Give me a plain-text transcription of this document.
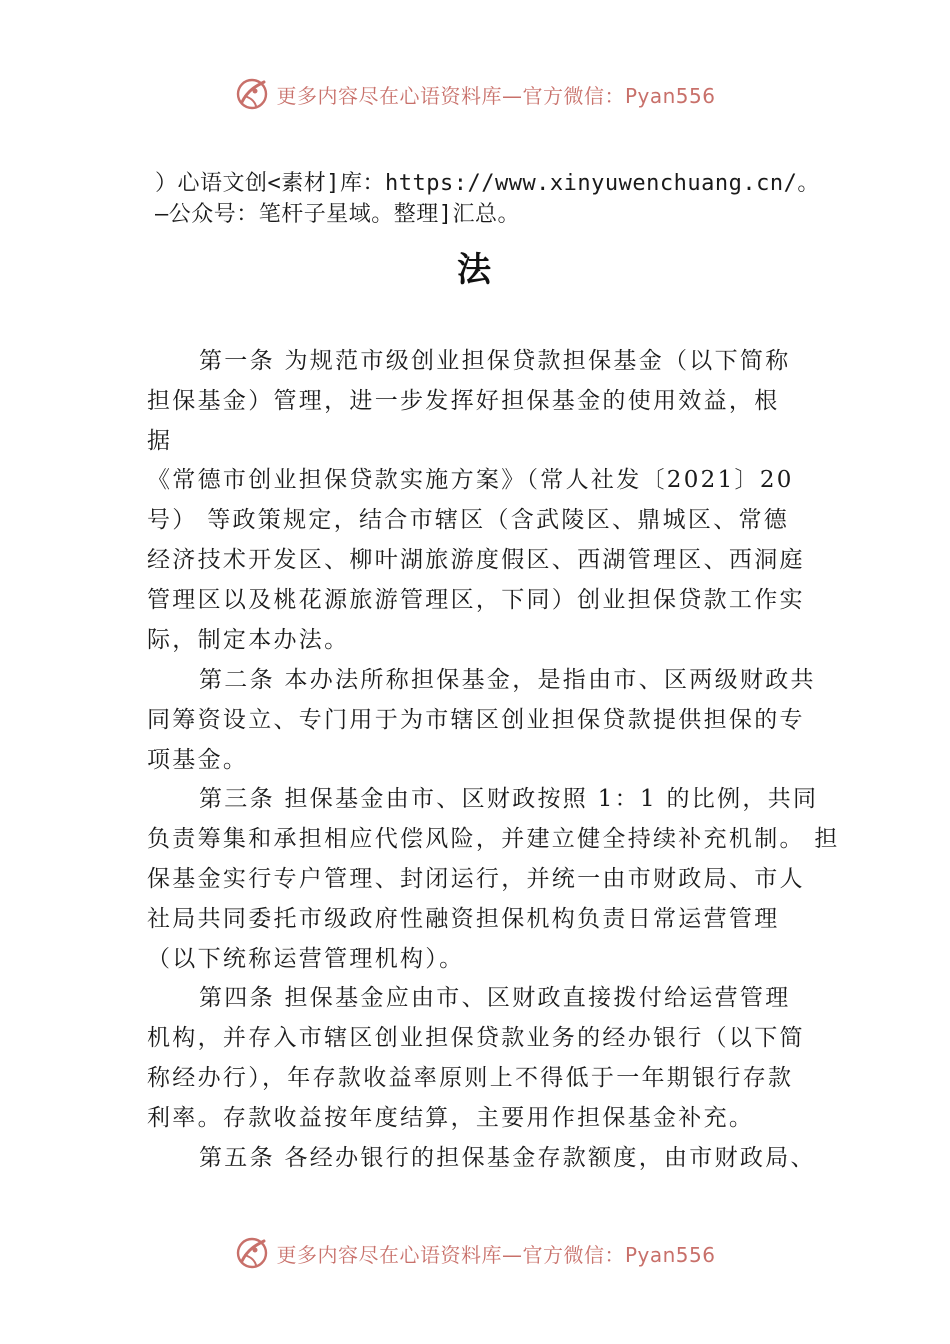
更多内容尽在心语资料库—官方微信：Pyan556
）心语文创<素材]库：https://www.xinyuwenchuang.cn/。
—公众号：笔杆子星域。整理]汇总。
法
第一条 为规范市级创业担保贷款担保基金（以下简称
担保基金）管理，进一步发挥好担保基金的使用效益，根
据
《常德市创业担保贷款实施方案》（常人社发〔2021〕20
号） 等政策规定，结合市辖区（含武陵区、鼎城区、常德
经济技术开发区、柳叶湖旅游度假区、西湖管理区、西洞庭
管理区以及桃花源旅游管理区，下同）创业担保贷款工作实
际，制定本办法。
第二条 本办法所称担保基金，是指由市、区两级财政共
同筹资设立、专门用于为市辖区创业担保贷款提供担保的专
项基金。
第三条 担保基金由市、区财政按照 1：1 的比例，共同
负责筹集和承担相应代偿风险，并建立健全持续补充机制。 担
保基金实行专户管理、封闭运行，并统一由市财政局、市人
社局共同委托市级政府性融资担保机构负责日常运营管理
（以下统称运营管理机构）。
第四条 担保基金应由市、区财政直接拨付给运营管理
机构，并存入市辖区创业担保贷款业务的经办银行（以下简
称经办行），年存款收益率原则上不得低于一年期银行存款
利率。存款收益按年度结算，主要用作担保基金补充。
第五条 各经办银行的担保基金存款额度，由市财政局、
更多内容尽在心语资料库—官方微信：Pyan556
